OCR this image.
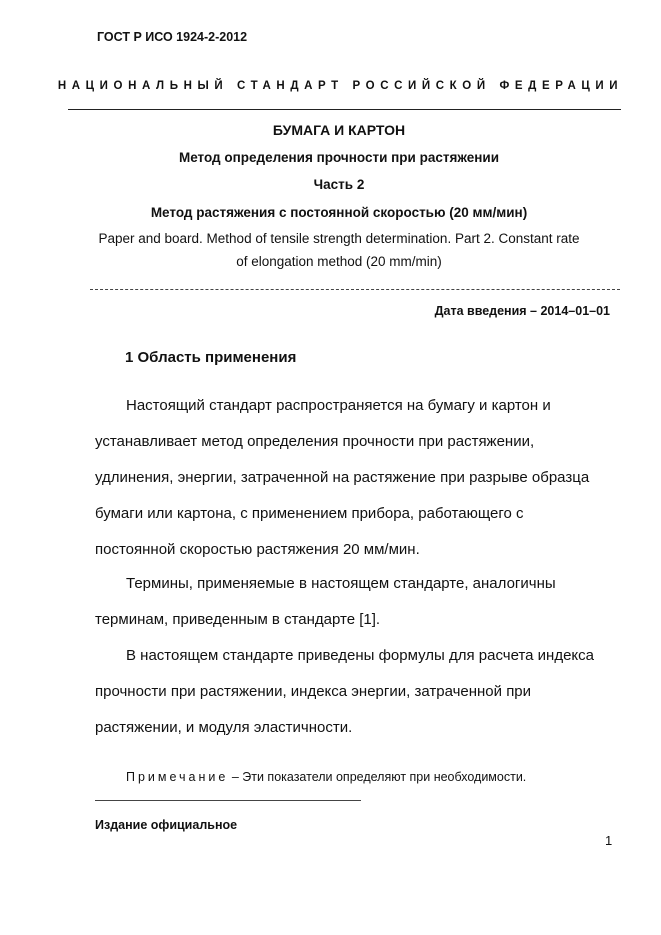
ГОСТ Р ИСО 1924-2-2012
НАЦИОНАЛЬНЫЙ СТАНДАРТ РОССИЙСКОЙ ФЕДЕРАЦИИ
БУМАГА И КАРТОН
Метод определения прочности при растяжении
Часть 2
Метод растяжения с постоянной скоростью (20 мм/мин)
Paper and board. Method of tensile strength determination. Part 2. Constant rate
of elongation method (20 mm/min)
Дата введения – 2014–01–01
1 Область применения
Настоящий стандарт распространяется на бумагу и картон и
устанавливает метод определения прочности при растяжении,
удлинения, энергии, затраченной на растяжение при разрыве образца
бумаги или картона, с применением прибора, работающего с
постоянной скоростью растяжения 20 мм/мин.
Термины, применяемые в настоящем стандарте, аналогичны
терминам, приведенным в стандарте [1].
В настоящем стандарте приведены формулы для расчета индекса
прочности при растяжении, индекса энергии, затраченной при
растяжении, и модуля эластичности.
Примечание – Эти показатели определяют при необходимости.
Издание официальное
1
